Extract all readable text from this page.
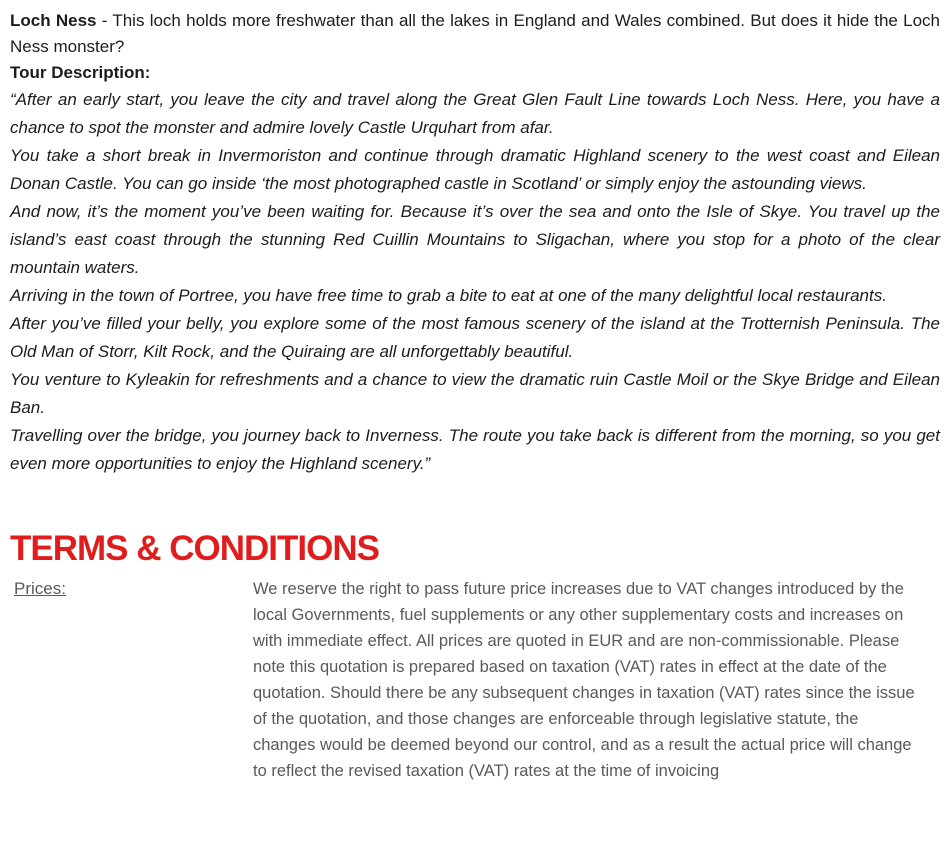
Loch Ness - This loch holds more freshwater than all the lakes in England and Wales combined. But does it hide the Loch Ness monster?

Tour Description:

“After an early start, you leave the city and travel along the Great Glen Fault Line towards Loch Ness. Here, you have a chance to spot the monster and admire lovely Castle Urquhart from afar.

You take a short break in Invermoriston and continue through dramatic Highland scenery to the west coast and Eilean Donan Castle. You can go inside ‘the most photographed castle in Scotland’ or simply enjoy the astounding views.

And now, it’s the moment you’ve been waiting for. Because it’s over the sea and onto the Isle of Skye. You travel up the island’s east coast through the stunning Red Cuillin Mountains to Sligachan, where you stop for a photo of the clear mountain waters.

Arriving in the town of Portree, you have free time to grab a bite to eat at one of the many delightful local restaurants.

After you’ve filled your belly, you explore some of the most famous scenery of the island at the Trotternish Peninsula. The Old Man of Storr, Kilt Rock, and the Quiraing are all unforgettably beautiful.

You venture to Kyleakin for refreshments and a chance to view the dramatic ruin Castle Moil or the Skye Bridge and Eilean Ban.

Travelling over the bridge, you journey back to Inverness. The route you take back is different from the morning, so you get even more opportunities to enjoy the Highland scenery.”

TERMS & CONDITIONS
Prices:	We reserve the right to pass future price increases due to VAT changes introduced by the local Governments, fuel supplements or any other supplementary costs and increases on with immediate effect. All prices are quoted in EUR and are non-commissionable. Please note this quotation is prepared based on taxation (VAT) rates in effect at the date of the quotation. Should there be any subsequent changes in taxation (VAT) rates since the issue of the quotation, and those changes are enforceable through legislative statute, the changes would be deemed beyond our control, and as a result the actual price will change to reflect the revised taxation (VAT) rates at the time of invoicing
